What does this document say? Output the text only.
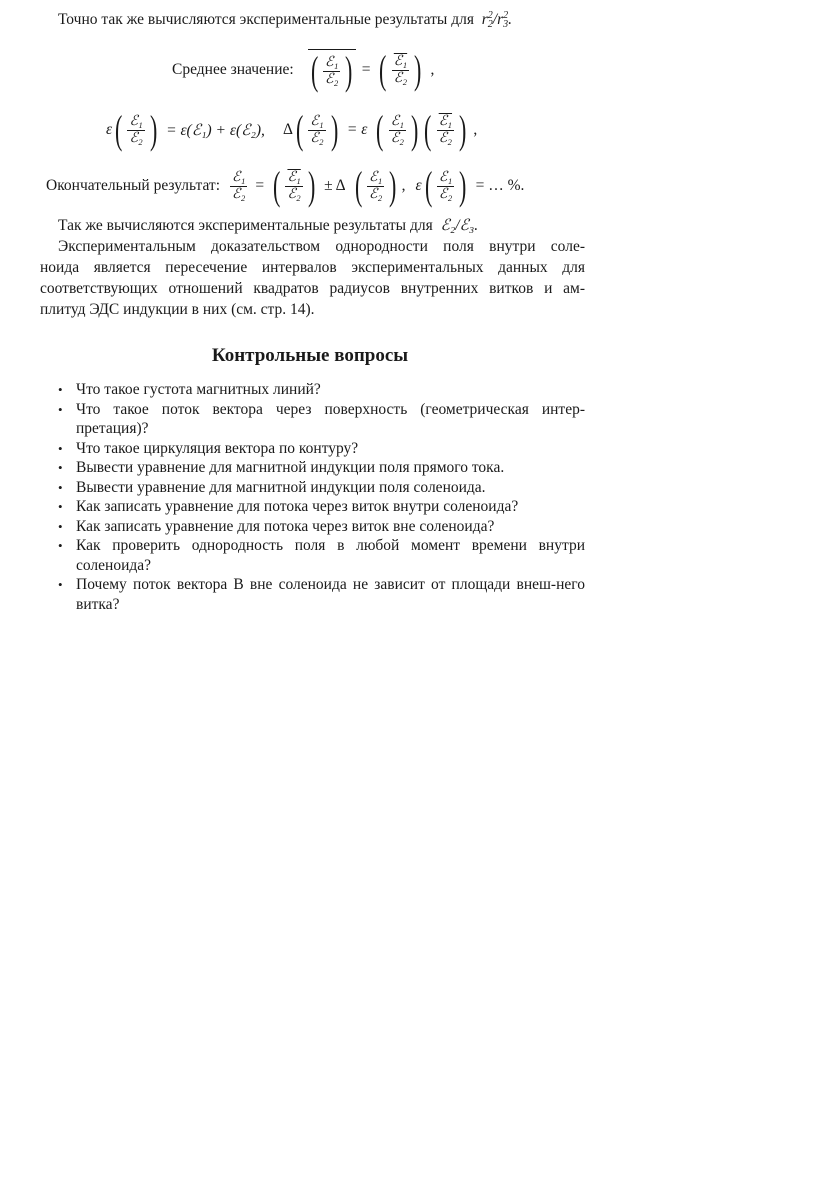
Точно так же вычисляются экспериментальные результаты для r 2
2 /r 2
3 .
Среднее значение: ( $\frac{\text{ℰ₁}}{\text{ℰ₂}}$ ) = ( $\frac{\text{ℰ₁}}{\text{ℰ₂}}$ ) ,
ε ( $\frac{\text{ℰ₁}}{\text{ℰ₂}}$ ) = ε(ℰ₁) + ε(ℰ₂), Δ ( $\frac{\text{ℰ₁}}{\text{ℰ₂}}$ ) = ε ( $\frac{\text{ℰ₁}}{\text{ℰ₂}}$ ) ( $\frac{\text{ℰ₁}}{\text{ℰ₂}}$ ) ,
Окончательный результат: $\frac{\text{ℰ₁}}{\text{ℰ₂}}$ = ( $\frac{\text{ℰ₁}}{\text{ℰ₂}}$ ) ± Δ ( $\frac{\text{ℰ₁}}{\text{ℰ₂}}$ ) , ε ( $\frac{\text{ℰ₁}}{\text{ℰ₂}}$ ) = … %.
Так же вычисляются экспериментальные результаты для ℰ₂/ℰ₃.
Экспериментальным доказательством однородности поля внутри соле-
ноида является пересечение интервалов экспериментальных данных для
соответствующих отношений квадратов радиусов внутренних витков и ам-
плитуд ЭДС индукции в них (см. стр. 14).
Контрольные вопросы
• Что такое густота магнитных линий?
• Что такое поток вектора через поверхность (геометрическая интер-претация)?
• Что такое циркуляция вектора по контуру?
• Вывести уравнение для магнитной индукции поля прямого тока.
• Вывести уравнение для магнитной индукции поля соленоида.
• Как записать уравнение для потока через виток внутри соленоида?
• Как записать уравнение для потока через виток вне соленоида?
• Как проверить однородность поля в любой момент времени внутри соленоида?
• Почему поток вектора B вне соленоида не зависит от площади внеш-него витка?
